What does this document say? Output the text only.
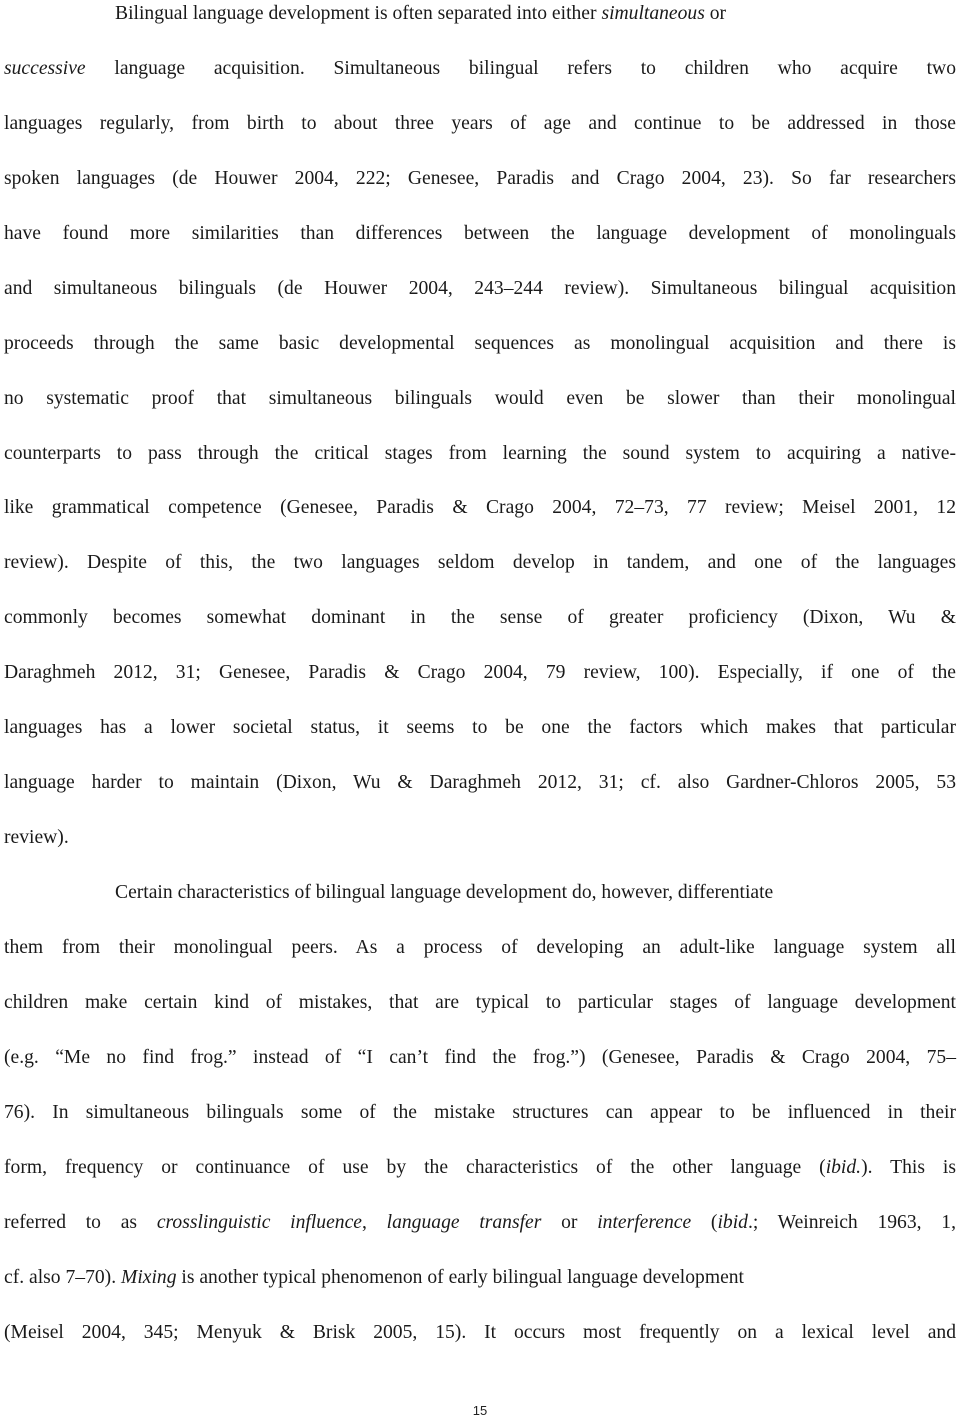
Bilingual language development is often separated into either simultaneous or
successive language acquisition. Simultaneous bilingual refers to children who acquire two
languages regularly, from birth to about three years of age and continue to be addressed in those
spoken languages (de Houwer 2004, 222; Genesee, Paradis and Crago 2004, 23). So far researchers
have found more similarities than differences between the language development of monolinguals
and simultaneous bilinguals (de Houwer 2004, 243–244 review). Simultaneous bilingual acquisition
proceeds through the same basic developmental sequences as monolingual acquisition and there is
no systematic proof that simultaneous bilinguals would even be slower than their monolingual
counterparts to pass through the critical stages from learning the sound system to acquiring a native-
like grammatical competence (Genesee, Paradis & Crago 2004, 72–73, 77 review; Meisel 2001, 12
review). Despite of this, the two languages seldom develop in tandem, and one of the languages
commonly becomes somewhat dominant in the sense of greater proficiency (Dixon, Wu &
Daraghmeh 2012, 31; Genesee, Paradis & Crago 2004, 79 review, 100). Especially, if one of the
languages has a lower societal status, it seems to be one the factors which makes that particular
language harder to maintain (Dixon, Wu & Daraghmeh 2012, 31; cf. also Gardner-Chloros 2005, 53
review).
Certain characteristics of bilingual language development do, however, differentiate
them from their monolingual peers. As a process of developing an adult-like language system all
children make certain kind of mistakes, that are typical to particular stages of language development
(e.g. “Me no find frog.” instead of “I can’t find the frog.”) (Genesee, Paradis & Crago 2004, 75–
76). In simultaneous bilinguals some of the mistake structures can appear to be influenced in their
form, frequency or continuance of use by the characteristics of the other language (ibid.). This is
referred to as crosslinguistic influence, language transfer or interference (ibid.; Weinreich 1963, 1,
cf. also 7–70). Mixing is another typical phenomenon of early bilingual language development
(Meisel 2004, 345; Menyuk & Brisk 2005, 15). It occurs most frequently on a lexical level and
15
